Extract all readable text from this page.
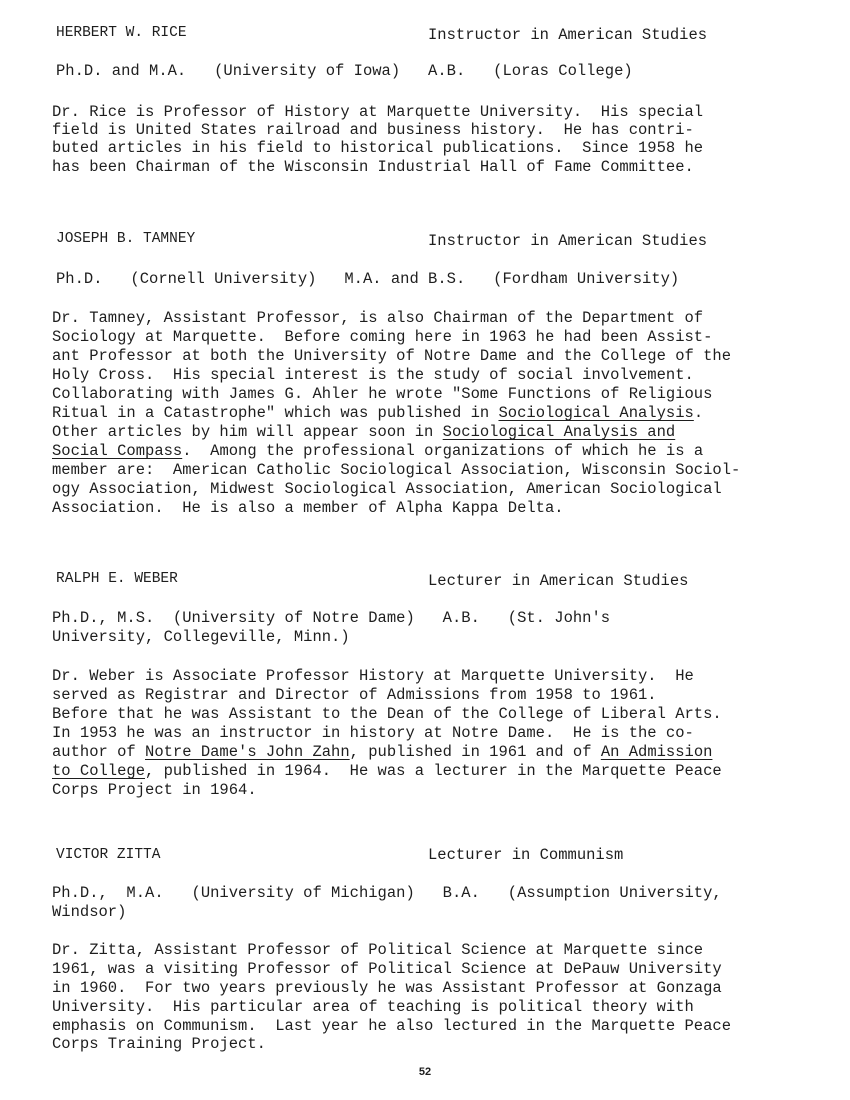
HERBERT W. RICE	Instructor in American Studies
Ph.D. and M.A.   (University of Iowa)   A.B.   (Loras College)
Dr. Rice is Professor of History at Marquette University.  His special
field is United States railroad and business history.  He has contri-
buted articles in his field to historical publications.  Since 1958 he
has been Chairman of the Wisconsin Industrial Hall of Fame Committee.
JOSEPH B. TAMNEY	Instructor in American Studies
Ph.D.   (Cornell University)   M.A. and B.S.   (Fordham University)
Dr. Tamney, Assistant Professor, is also Chairman of the Department of
Sociology at Marquette.  Before coming here in 1963 he had been Assist-
ant Professor at both the University of Notre Dame and the College of the
Holy Cross.  His special interest is the study of social involvement.
Collaborating with James G. Ahler he wrote "Some Functions of Religious
Ritual in a Catastrophe" which was published in Sociological Analysis.
Other articles by him will appear soon in Sociological Analysis and
Social Compass.  Among the professional organizations of which he is a
member are:  American Catholic Sociological Association, Wisconsin Sociol-
ogy Association, Midwest Sociological Association, American Sociological
Association.  He is also a member of Alpha Kappa Delta.
RALPH E. WEBER	Lecturer in American Studies
Ph.D., M.S.  (University of Notre Dame)   A.B.   (St. John's
University, Collegeville, Minn.)
Dr. Weber is Associate Professor History at Marquette University.  He
served as Registrar and Director of Admissions from 1958 to 1961.
Before that he was Assistant to the Dean of the College of Liberal Arts.
In 1953 he was an instructor in history at Notre Dame.  He is the co-
author of Notre Dame's John Zahn, published in 1961 and of An Admission
to College, published in 1964.  He was a lecturer in the Marquette Peace
Corps Project in 1964.
VICTOR ZITTA	Lecturer in Communism
Ph.D.,  M.A.   (University of Michigan)   B.A.   (Assumption University,
Windsor)
Dr. Zitta, Assistant Professor of Political Science at Marquette since
1961, was a visiting Professor of Political Science at DePauw University
in 1960.  For two years previously he was Assistant Professor at Gonzaga
University.  His particular area of teaching is political theory with
emphasis on Communism.  Last year he also lectured in the Marquette Peace
Corps Training Project.
52
